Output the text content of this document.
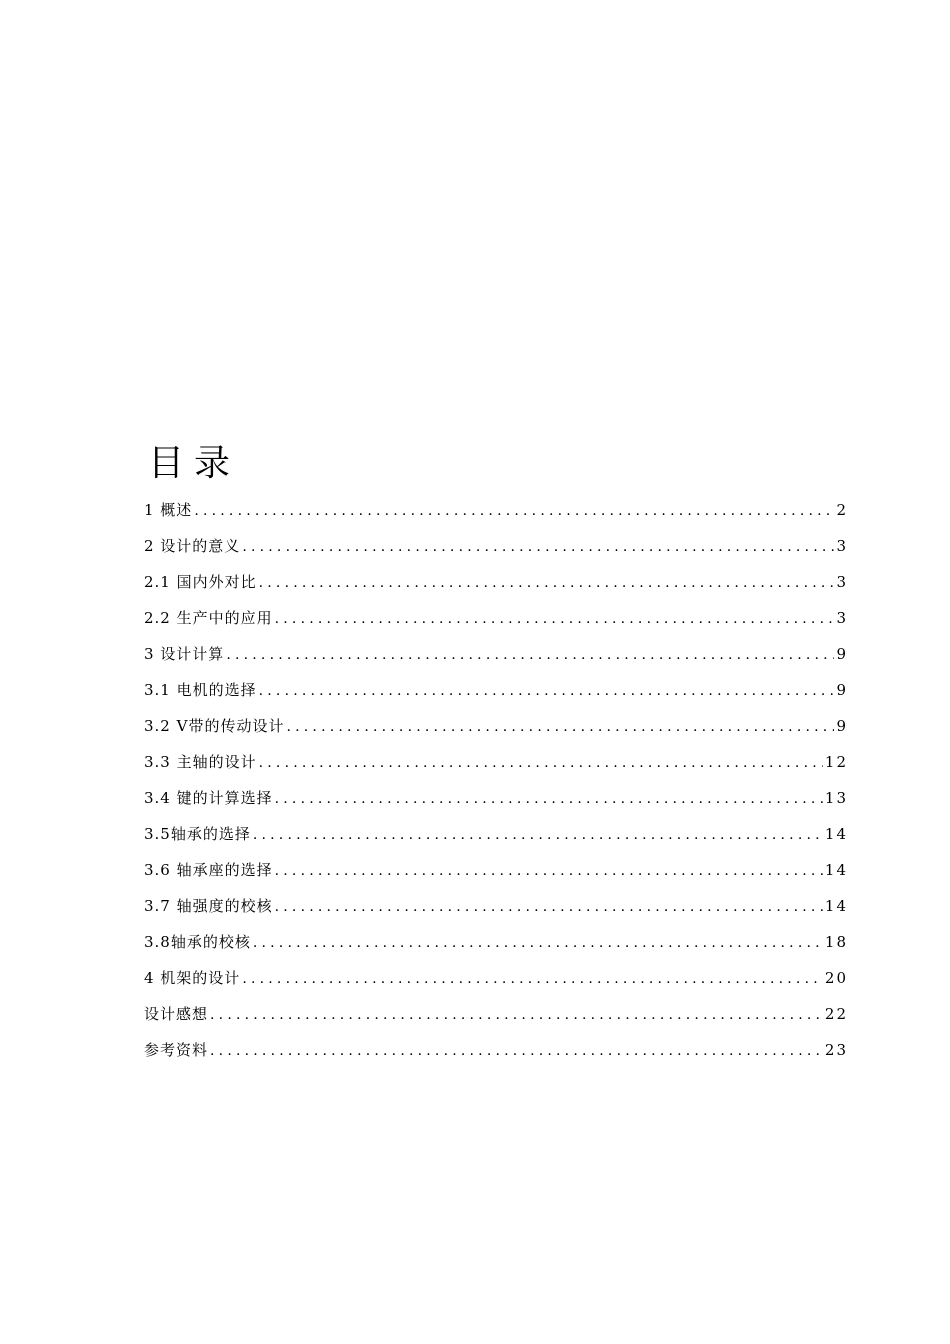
目录
1 概述 .....	2
2 设计的意义 .....	3
2.1 国内外对比 .....	3
2.2 生产中的应用 .....	3
3 设计计算 .....	9
3.1 电机的选择 .....	9
3.2 V带的传动设计 .....	9
3.3 主轴的设计 .....	12
3.4 键的计算选择 .....	13
3.5轴承的选择 .....	14
3.6 轴承座的选择 .....	14
3.7 轴强度的校核 .....	14
3.8轴承的校核 .....	18
4 机架的设计 .....	20
设计感想 .....	22
参考资料 .....	23
